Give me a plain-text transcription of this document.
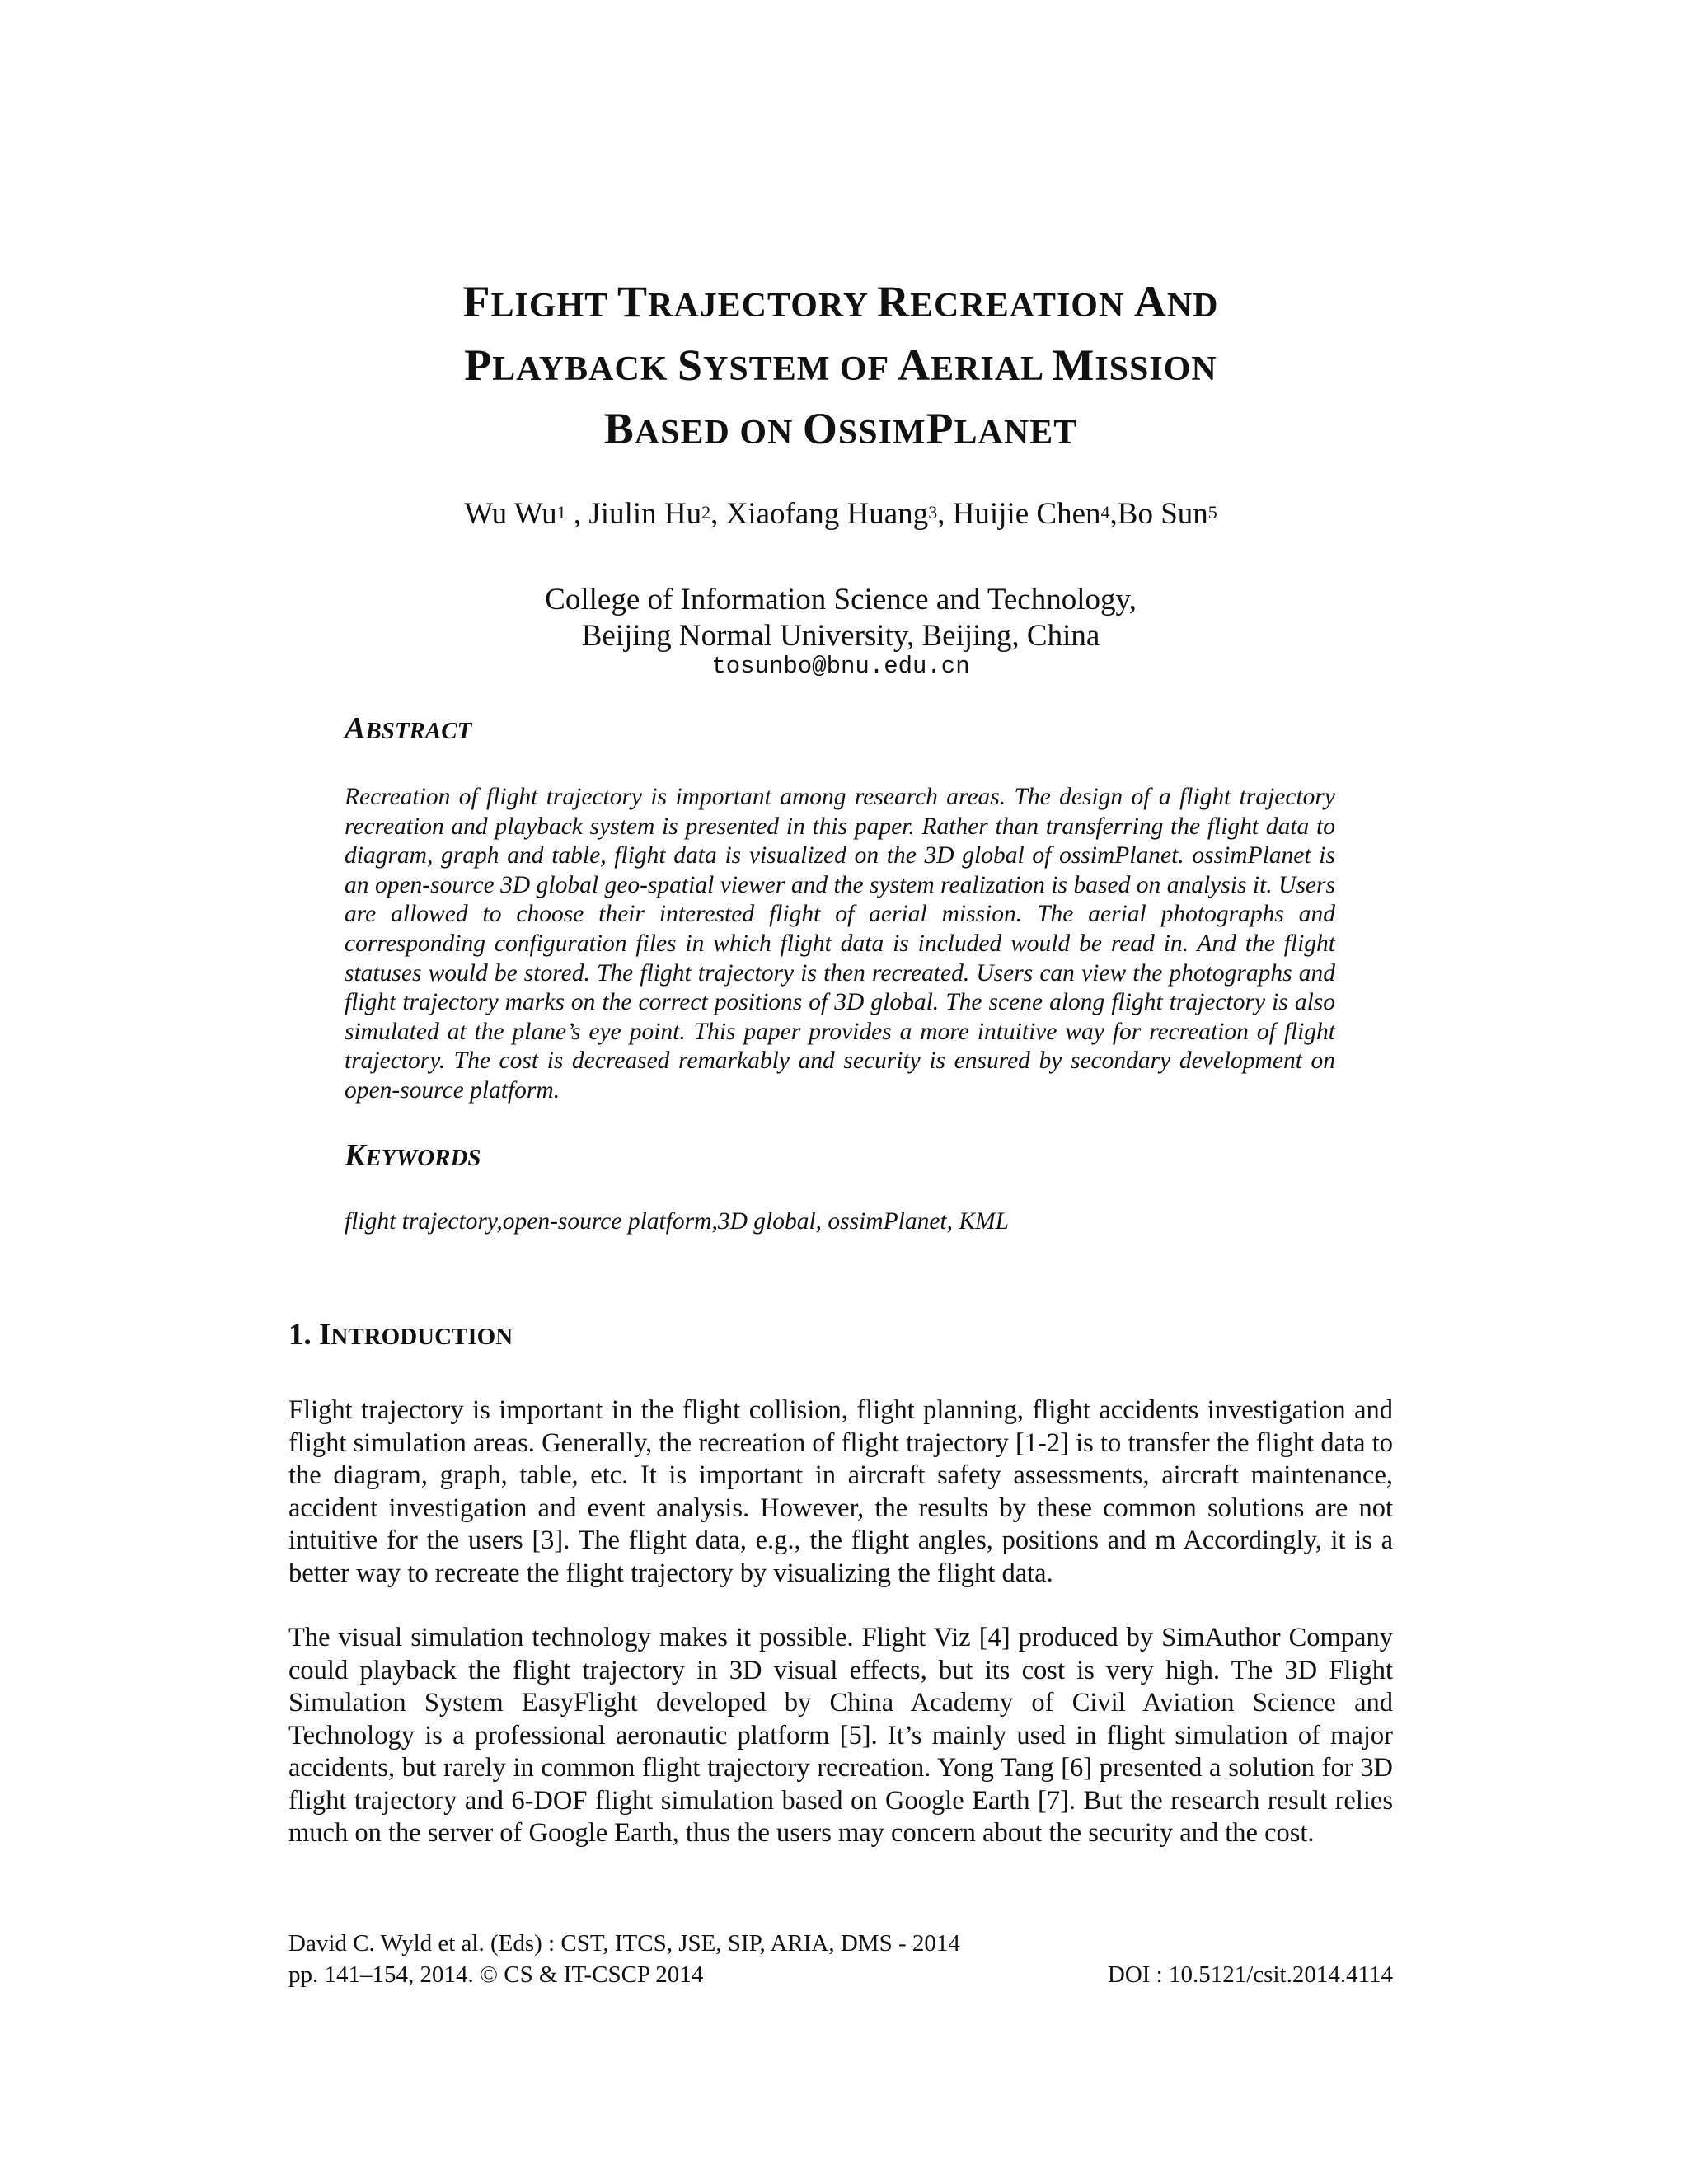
FLIGHT TRAJECTORY RECREATION AND
PLAYBACK SYSTEM OF AERIAL MISSION
BASED ON OSSIMPLANET
Wu Wu$^1$ , Jiulin Hu$^2$, Xiaofang Huang$^3$, Huijie Chen$^4$,Bo Sun$^5$
College of Information Science and Technology,
Beijing Normal University, Beijing, China
tosunbo@bnu.edu.cn
ABSTRACT

Recreation of flight trajectory is important among research areas. The design of a flight trajectory recreation and playback system is presented in this paper. Rather than transferring the flight data to diagram, graph and table, flight data is visualized on the 3D global of ossimPlanet. ossimPlanet is an open-source 3D global geo-spatial viewer and the system realization is based on analysis it. Users are allowed to choose their interested flight of aerial mission. The aerial photographs and corresponding configuration files in which flight data is included would be read in. And the flight statuses would be stored. The flight trajectory is then recreated. Users can view the photographs and flight trajectory marks on the correct positions of 3D global. The scene along flight trajectory is also simulated at the plane’s eye point. This paper provides a more intuitive way for recreation of flight trajectory. The cost is decreased remarkably and security is ensured by secondary development on open-source platform.

KEYWORDS
flight trajectory,open-source platform,3D global, ossimPlanet, KML
1. INTRODUCTION

Flight trajectory is important in the flight collision, flight planning, flight accidents investigation and flight simulation areas. Generally, the recreation of flight trajectory [1-2] is to transfer the flight data to the diagram, graph, table, etc. It is important in aircraft safety assessments, aircraft maintenance, accident investigation and event analysis. However, the results by these common solutions are not intuitive for the users [3]. The flight data, e.g., the flight angles, positions and m Accordingly, it is a better way to recreate the flight trajectory by visualizing the flight data.

The visual simulation technology makes it possible. Flight Viz [4] produced by SimAuthor Company could playback the flight trajectory in 3D visual effects, but its cost is very high. The 3D Flight Simulation System EasyFlight developed by China Academy of Civil Aviation Science and Technology is a professional aeronautic platform [5]. It’s mainly used in flight simulation of major accidents, but rarely in common flight trajectory recreation. Yong Tang [6] presented a solution for 3D flight trajectory and 6-DOF flight simulation based on Google Earth [7]. But the research result relies much on the server of Google Earth, thus the users may concern about the security and the cost.

David C. Wyld et al. (Eds) : CST, ITCS, JSE, SIP, ARIA, DMS - 2014
pp. 141–154, 2014. © CS & IT-CSCP 2014	DOI : 10.5121/csit.2014.4114
